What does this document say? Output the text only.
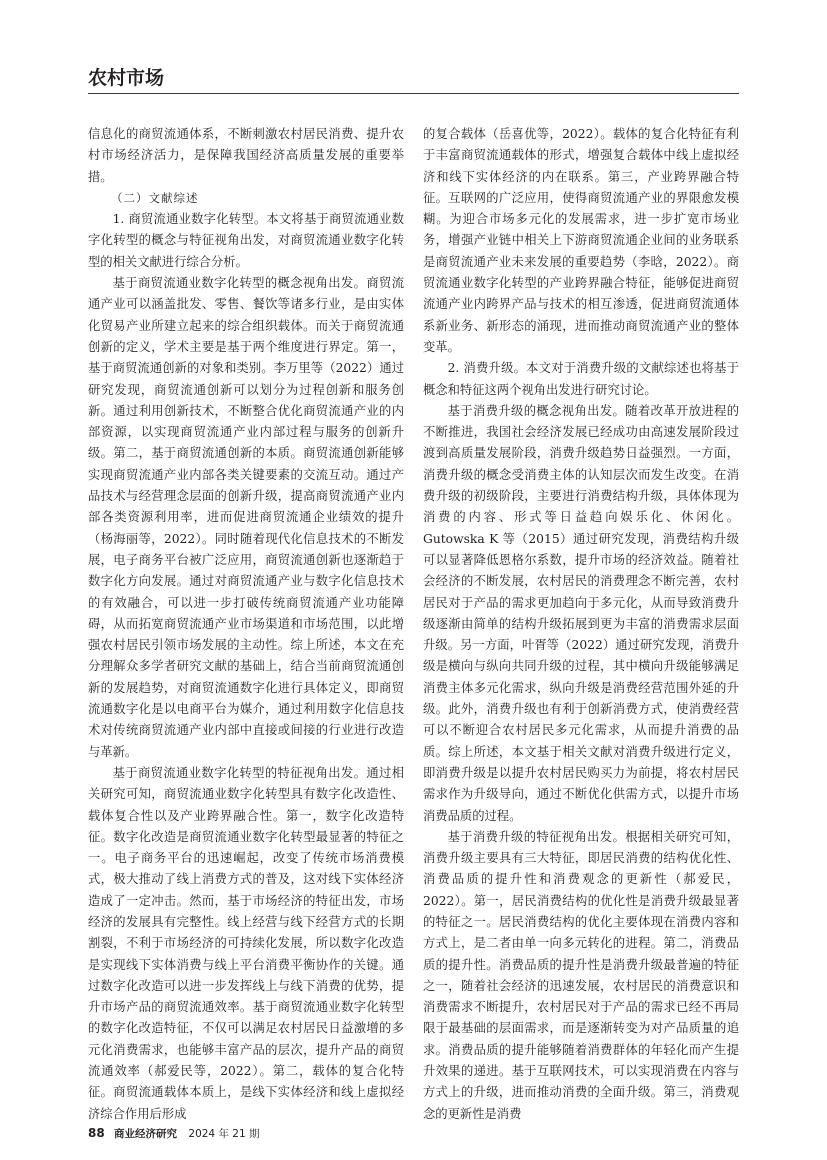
农村市场

信息化的商贸流通体系，不断刺激农村居民消费、提升农村市场经济活力，是保障我国经济高质量发展的重要举措。

（二）文献综述

1. 商贸流通业数字化转型。本文将基于商贸流通业数字化转型的概念与特征视角出发，对商贸流通业数字化转型的相关文献进行综合分析。

基于商贸流通业数字化转型的概念视角出发。商贸流通产业可以涵盖批发、零售、餐饮等诸多行业，是由实体化贸易产业所建立起来的综合组织载体。而关于商贸流通创新的定义，学术主要是基于两个维度进行界定。第一，基于商贸流通创新的对象和类别。李万里等（2022）通过研究发现，商贸流通创新可以划分为过程创新和服务创新。通过利用创新技术，不断整合优化商贸流通产业的内部资源，以实现商贸流通产业内部过程与服务的创新升级。第二，基于商贸流通创新的本质。商贸流通创新能够实现商贸流通产业内部各类关键要素的交流互动。通过产品技术与经营理念层面的创新升级，提高商贸流通产业内部各类资源利用率，进而促进商贸流通企业绩效的提升（杨海丽等，2022）。同时随着现代化信息技术的不断发展，电子商务平台被广泛应用，商贸流通创新也逐渐趋于数字化方向发展。通过对商贸流通产业与数字化信息技术的有效融合，可以进一步打破传统商贸流通产业功能障碍，从而拓宽商贸流通产业市场渠道和市场范围，以此增强农村居民引领市场发展的主动性。综上所述，本文在充分理解众多学者研究文献的基础上，结合当前商贸流通创新的发展趋势，对商贸流通数字化进行具体定义，即商贸流通数字化是以电商平台为媒介，通过利用数字化信息技术对传统商贸流通产业内部中直接或间接的行业进行改造与革新。

基于商贸流通业数字化转型的特征视角出发。通过相关研究可知，商贸流通业数字化转型具有数字化改造性、载体复合性以及产业跨界融合性。第一，数字化改造特征。数字化改造是商贸流通业数字化转型最显著的特征之一。电子商务平台的迅速崛起，改变了传统市场消费模式，极大推动了线上消费方式的普及，这对线下实体经济造成了一定冲击。然而，基于市场经济的特征出发，市场经济的发展具有完整性。线上经营与线下经营方式的长期割裂，不利于市场经济的可持续化发展，所以数字化改造是实现线下实体消费与线上平台消费平衡协作的关键。通过数字化改造可以进一步发挥线上与线下消费的优势，提升市场产品的商贸流通效率。基于商贸流通业数字化转型的数字化改造特征，不仅可以满足农村居民日益激增的多元化消费需求，也能够丰富产品的层次，提升产品的商贸流通效率（郝爱民等，2022）。第二，载体的复合化特征。商贸流通载体本质上，是线下实体经济和线上虚拟经济综合作用后形成

的复合载体（岳喜优等，2022）。载体的复合化特征有利于丰富商贸流通载体的形式，增强复合载体中线上虚拟经济和线下实体经济的内在联系。第三，产业跨界融合特征。互联网的广泛应用，使得商贸流通产业的界限愈发模糊。为迎合市场多元化的发展需求，进一步扩宽市场业务，增强产业链中相关上下游商贸流通企业间的业务联系是商贸流通产业未来发展的重要趋势（李晗，2022）。商贸流通业数字化转型的产业跨界融合特征，能够促进商贸流通产业内跨界产品与技术的相互渗透，促进商贸流通体系新业务、新形态的涌现，进而推动商贸流通产业的整体变革。

2. 消费升级。本文对于消费升级的文献综述也将基于概念和特征这两个视角出发进行研究讨论。

基于消费升级的概念视角出发。随着改革开放进程的不断推进，我国社会经济发展已经成功由高速发展阶段过渡到高质量发展阶段，消费升级趋势日益强烈。一方面，消费升级的概念受消费主体的认知层次而发生改变。在消费升级的初级阶段，主要进行消费结构升级，具体体现为消费的内容、形式等日益趋向娱乐化、休闲化。Gutowska K 等（2015）通过研究发现，消费结构升级可以显著降低恩格尔系数，提升市场的经济效益。随着社会经济的不断发展，农村居民的消费理念不断完善，农村居民对于产品的需求更加趋向于多元化，从而导致消费升级逐渐由简单的结构升级拓展到更为丰富的消费需求层面升级。另一方面，叶胥等（2022）通过研究发现，消费升级是横向与纵向共同升级的过程，其中横向升级能够满足消费主体多元化需求，纵向升级是消费经营范围外延的升级。此外，消费升级也有利于创新消费方式，使消费经营可以不断迎合农村居民多元化需求，从而提升消费的品质。综上所述，本文基于相关文献对消费升级进行定义，即消费升级是以提升农村居民购买力为前提，将农村居民需求作为升级导向，通过不断优化供需方式，以提升市场消费品质的过程。

基于消费升级的特征视角出发。根据相关研究可知，消费升级主要具有三大特征，即居民消费的结构优化性、消费品质的提升性和消费观念的更新性（郝爱民，2022）。第一，居民消费结构的优化性是消费升级最显著的特征之一。居民消费结构的优化主要体现在消费内容和方式上，是二者由单一向多元转化的进程。第二，消费品质的提升性。消费品质的提升性是消费升级最普遍的特征之一，随着社会经济的迅速发展，农村居民的消费意识和消费需求不断提升，农村居民对于产品的需求已经不再局限于最基础的层面需求，而是逐渐转变为对产品质量的追求。消费品质的提升能够随着消费群体的年轻化而产生提升效果的递进。基于互联网技术，可以实现消费在内容与方式上的升级，进而推动消费的全面升级。第三，消费观念的更新性是消费

88 商业经济研究 2024 年 21 期
